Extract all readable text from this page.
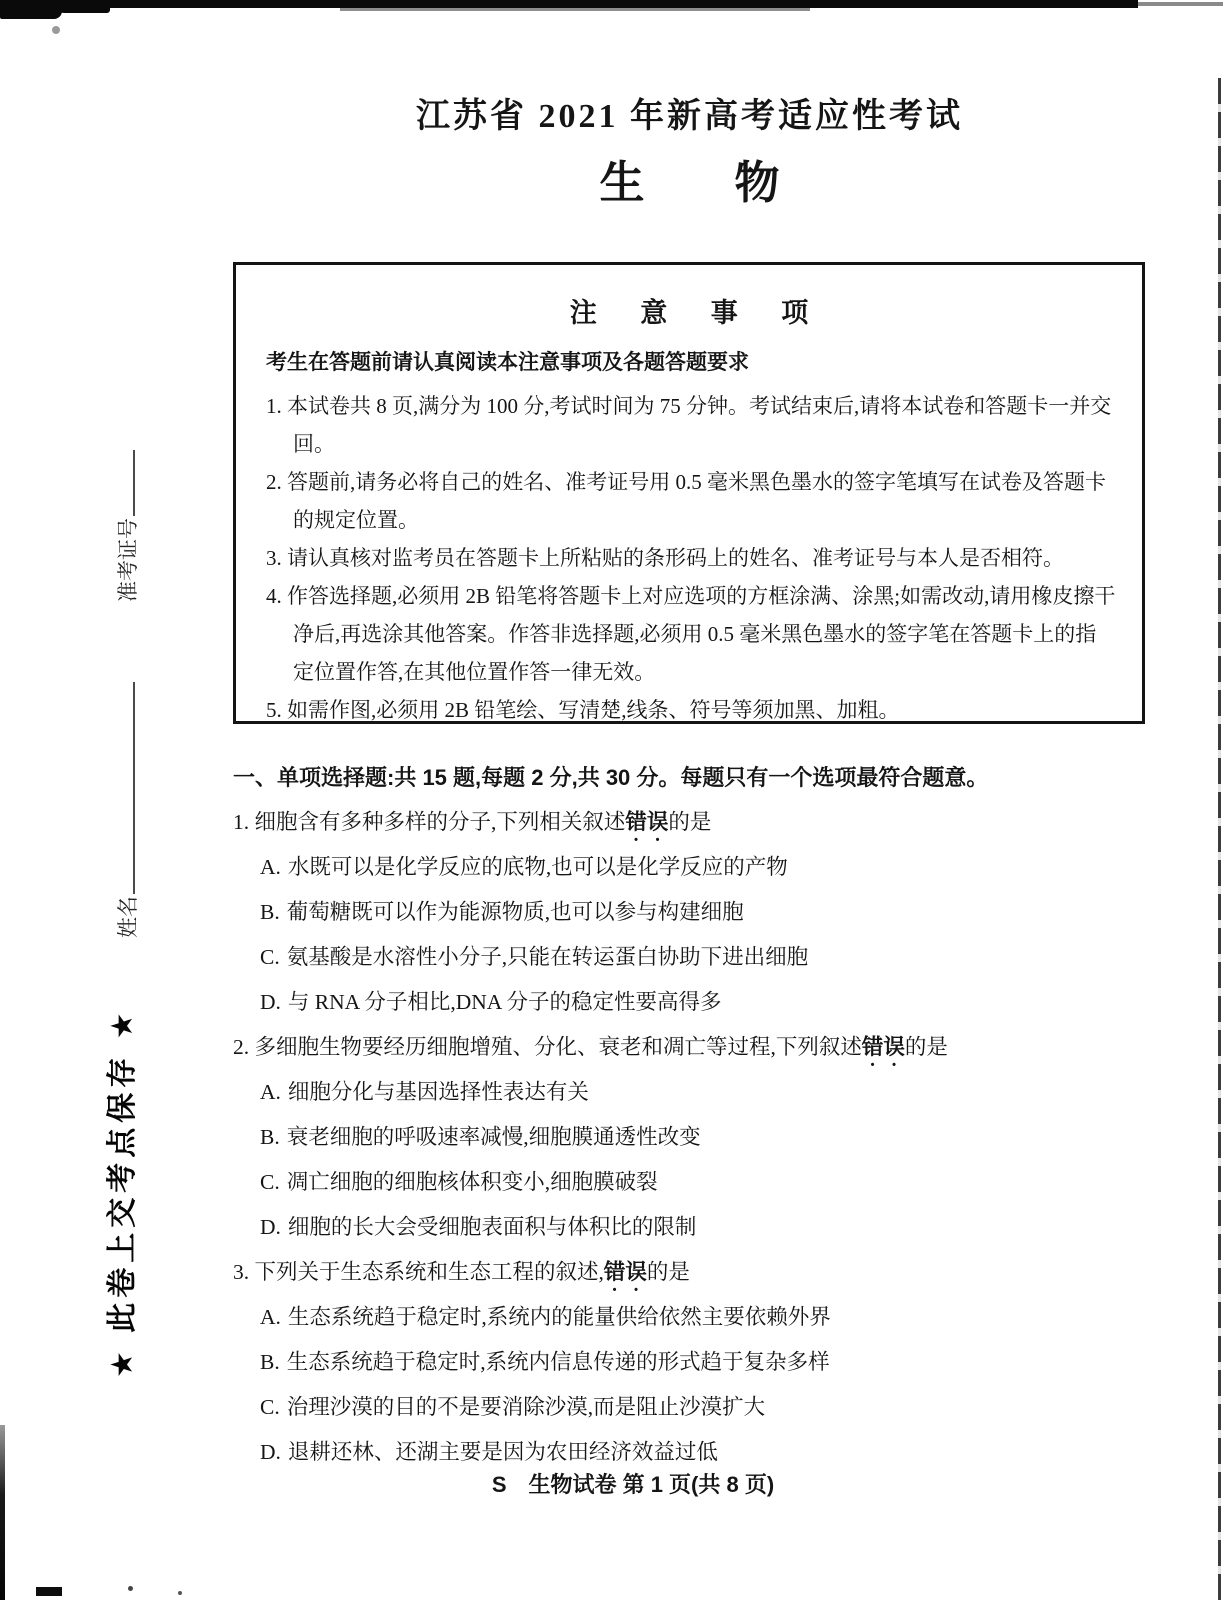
准考证号
姓名
★ 此卷上交考点保存 ★
江苏省 2021 年新高考适应性考试
生　　物
注 意 事 项
考生在答题前请认真阅读本注意事项及各题答题要求

1. 本试卷共 8 页,满分为 100 分,考试时间为 75 分钟。考试结束后,请将本试卷和答题卡一并交回。

2. 答题前,请务必将自己的姓名、准考证号用 0.5 毫米黑色墨水的签字笔填写在试卷及答题卡的规定位置。

3. 请认真核对监考员在答题卡上所粘贴的条形码上的姓名、准考证号与本人是否相符。

4. 作答选择题,必须用 2B 铅笔将答题卡上对应选项的方框涂满、涂黑;如需改动,请用橡皮擦干净后,再选涂其他答案。作答非选择题,必须用 0.5 毫米黑色墨水的签字笔在答题卡上的指定位置作答,在其他位置作答一律无效。

5. 如需作图,必须用 2B 铅笔绘、写清楚,线条、符号等须加黑、加粗。

一、单项选择题:共 15 题,每题 2 分,共 30 分。每题只有一个选项最符合题意。
1. 细胞含有多种多样的分子,下列相关叙述错误的是
A. 水既可以是化学反应的底物,也可以是化学反应的产物
B. 葡萄糖既可以作为能源物质,也可以参与构建细胞
C. 氨基酸是水溶性小分子,只能在转运蛋白协助下进出细胞
D. 与 RNA 分子相比,DNA 分子的稳定性要高得多
2. 多细胞生物要经历细胞增殖、分化、衰老和凋亡等过程,下列叙述错误的是
A. 细胞分化与基因选择性表达有关
B. 衰老细胞的呼吸速率减慢,细胞膜通透性改变
C. 凋亡细胞的细胞核体积变小,细胞膜破裂
D. 细胞的长大会受细胞表面积与体积比的限制
3. 下列关于生态系统和生态工程的叙述,错误的是
A. 生态系统趋于稳定时,系统内的能量供给依然主要依赖外界
B. 生态系统趋于稳定时,系统内信息传递的形式趋于复杂多样
C. 治理沙漠的目的不是要消除沙漠,而是阻止沙漠扩大
D. 退耕还林、还湖主要是因为农田经济效益过低
S　生物试卷 第 1 页(共 8 页)
